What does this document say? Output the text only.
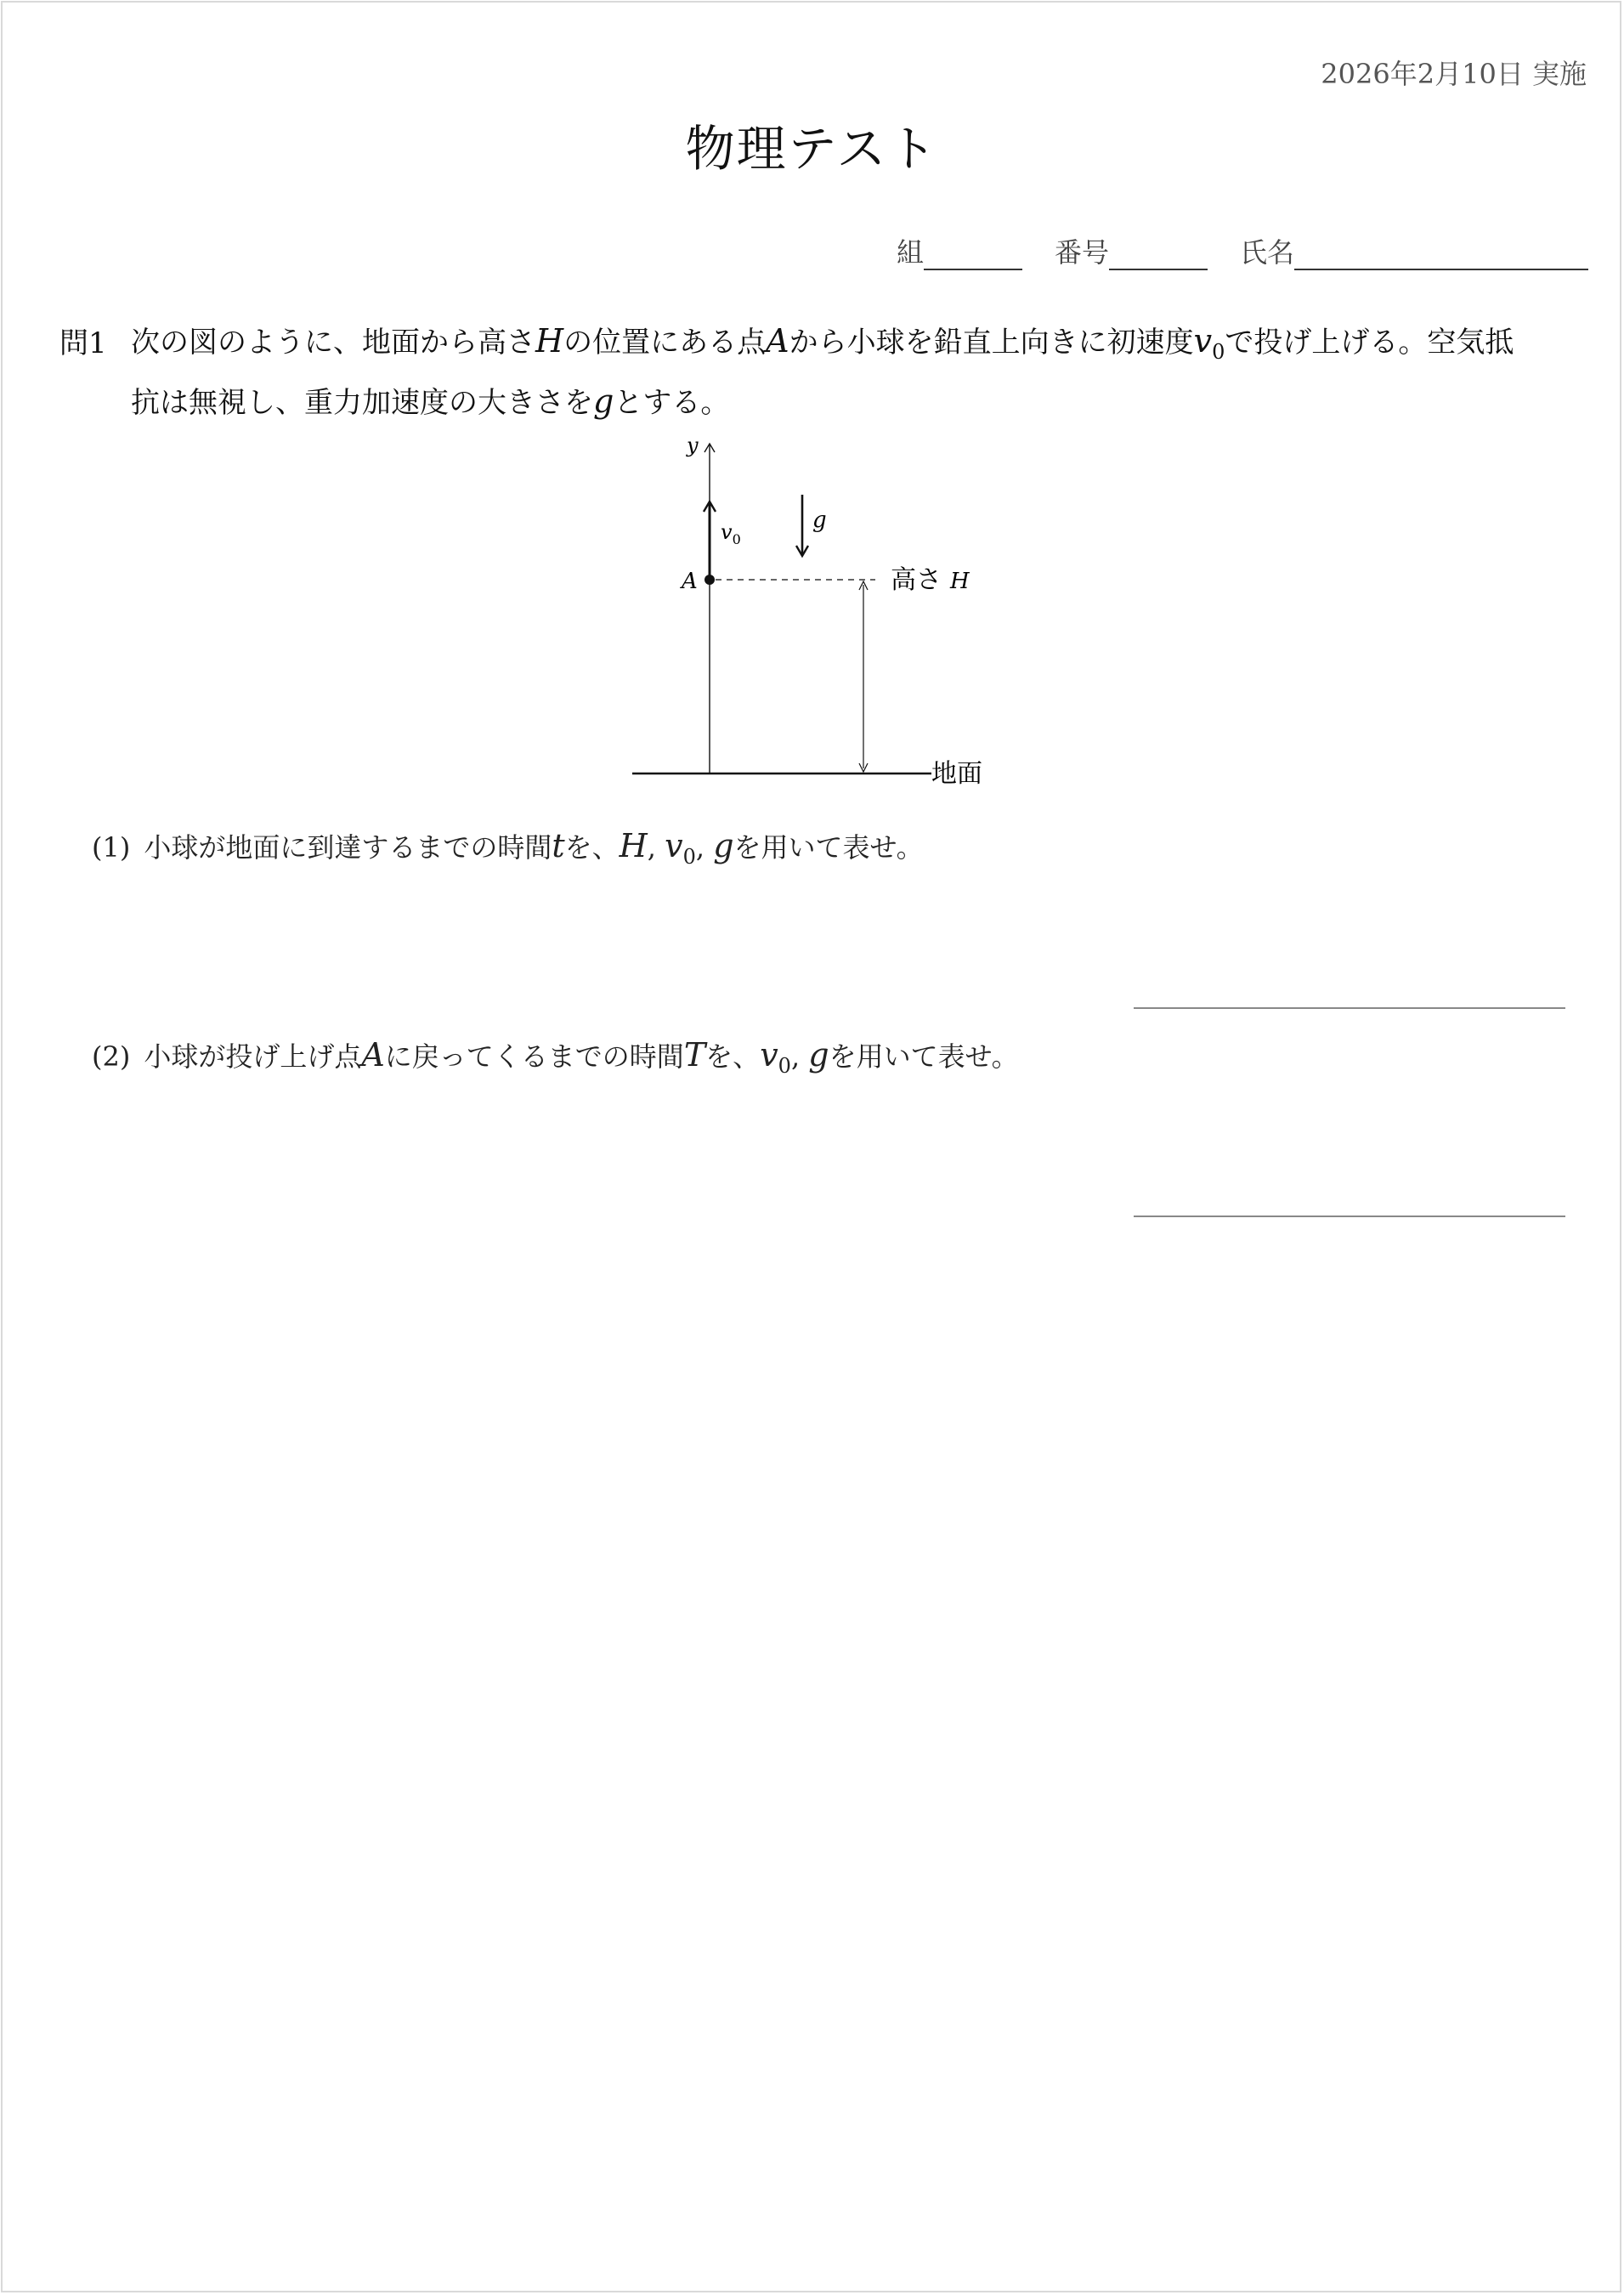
2026年2月10日 実施
物理テスト
組	番号	氏名
問1 次の図のように、地面から高さHの位置にある点Aから小球を鉛直上向きに初速度$v_0$で投げ上げる。空気抵抗は無視し、重力加速度の大きさをgとする。
y
$v_0$
g
A	高さ H
地面
(1) 小球が地面に到達するまでの時間tを、H, $v_0$, gを用いて表せ。
(2) 小球が投げ上げ点Aに戻ってくるまでの時間Tを、$v_0$, gを用いて表せ。
